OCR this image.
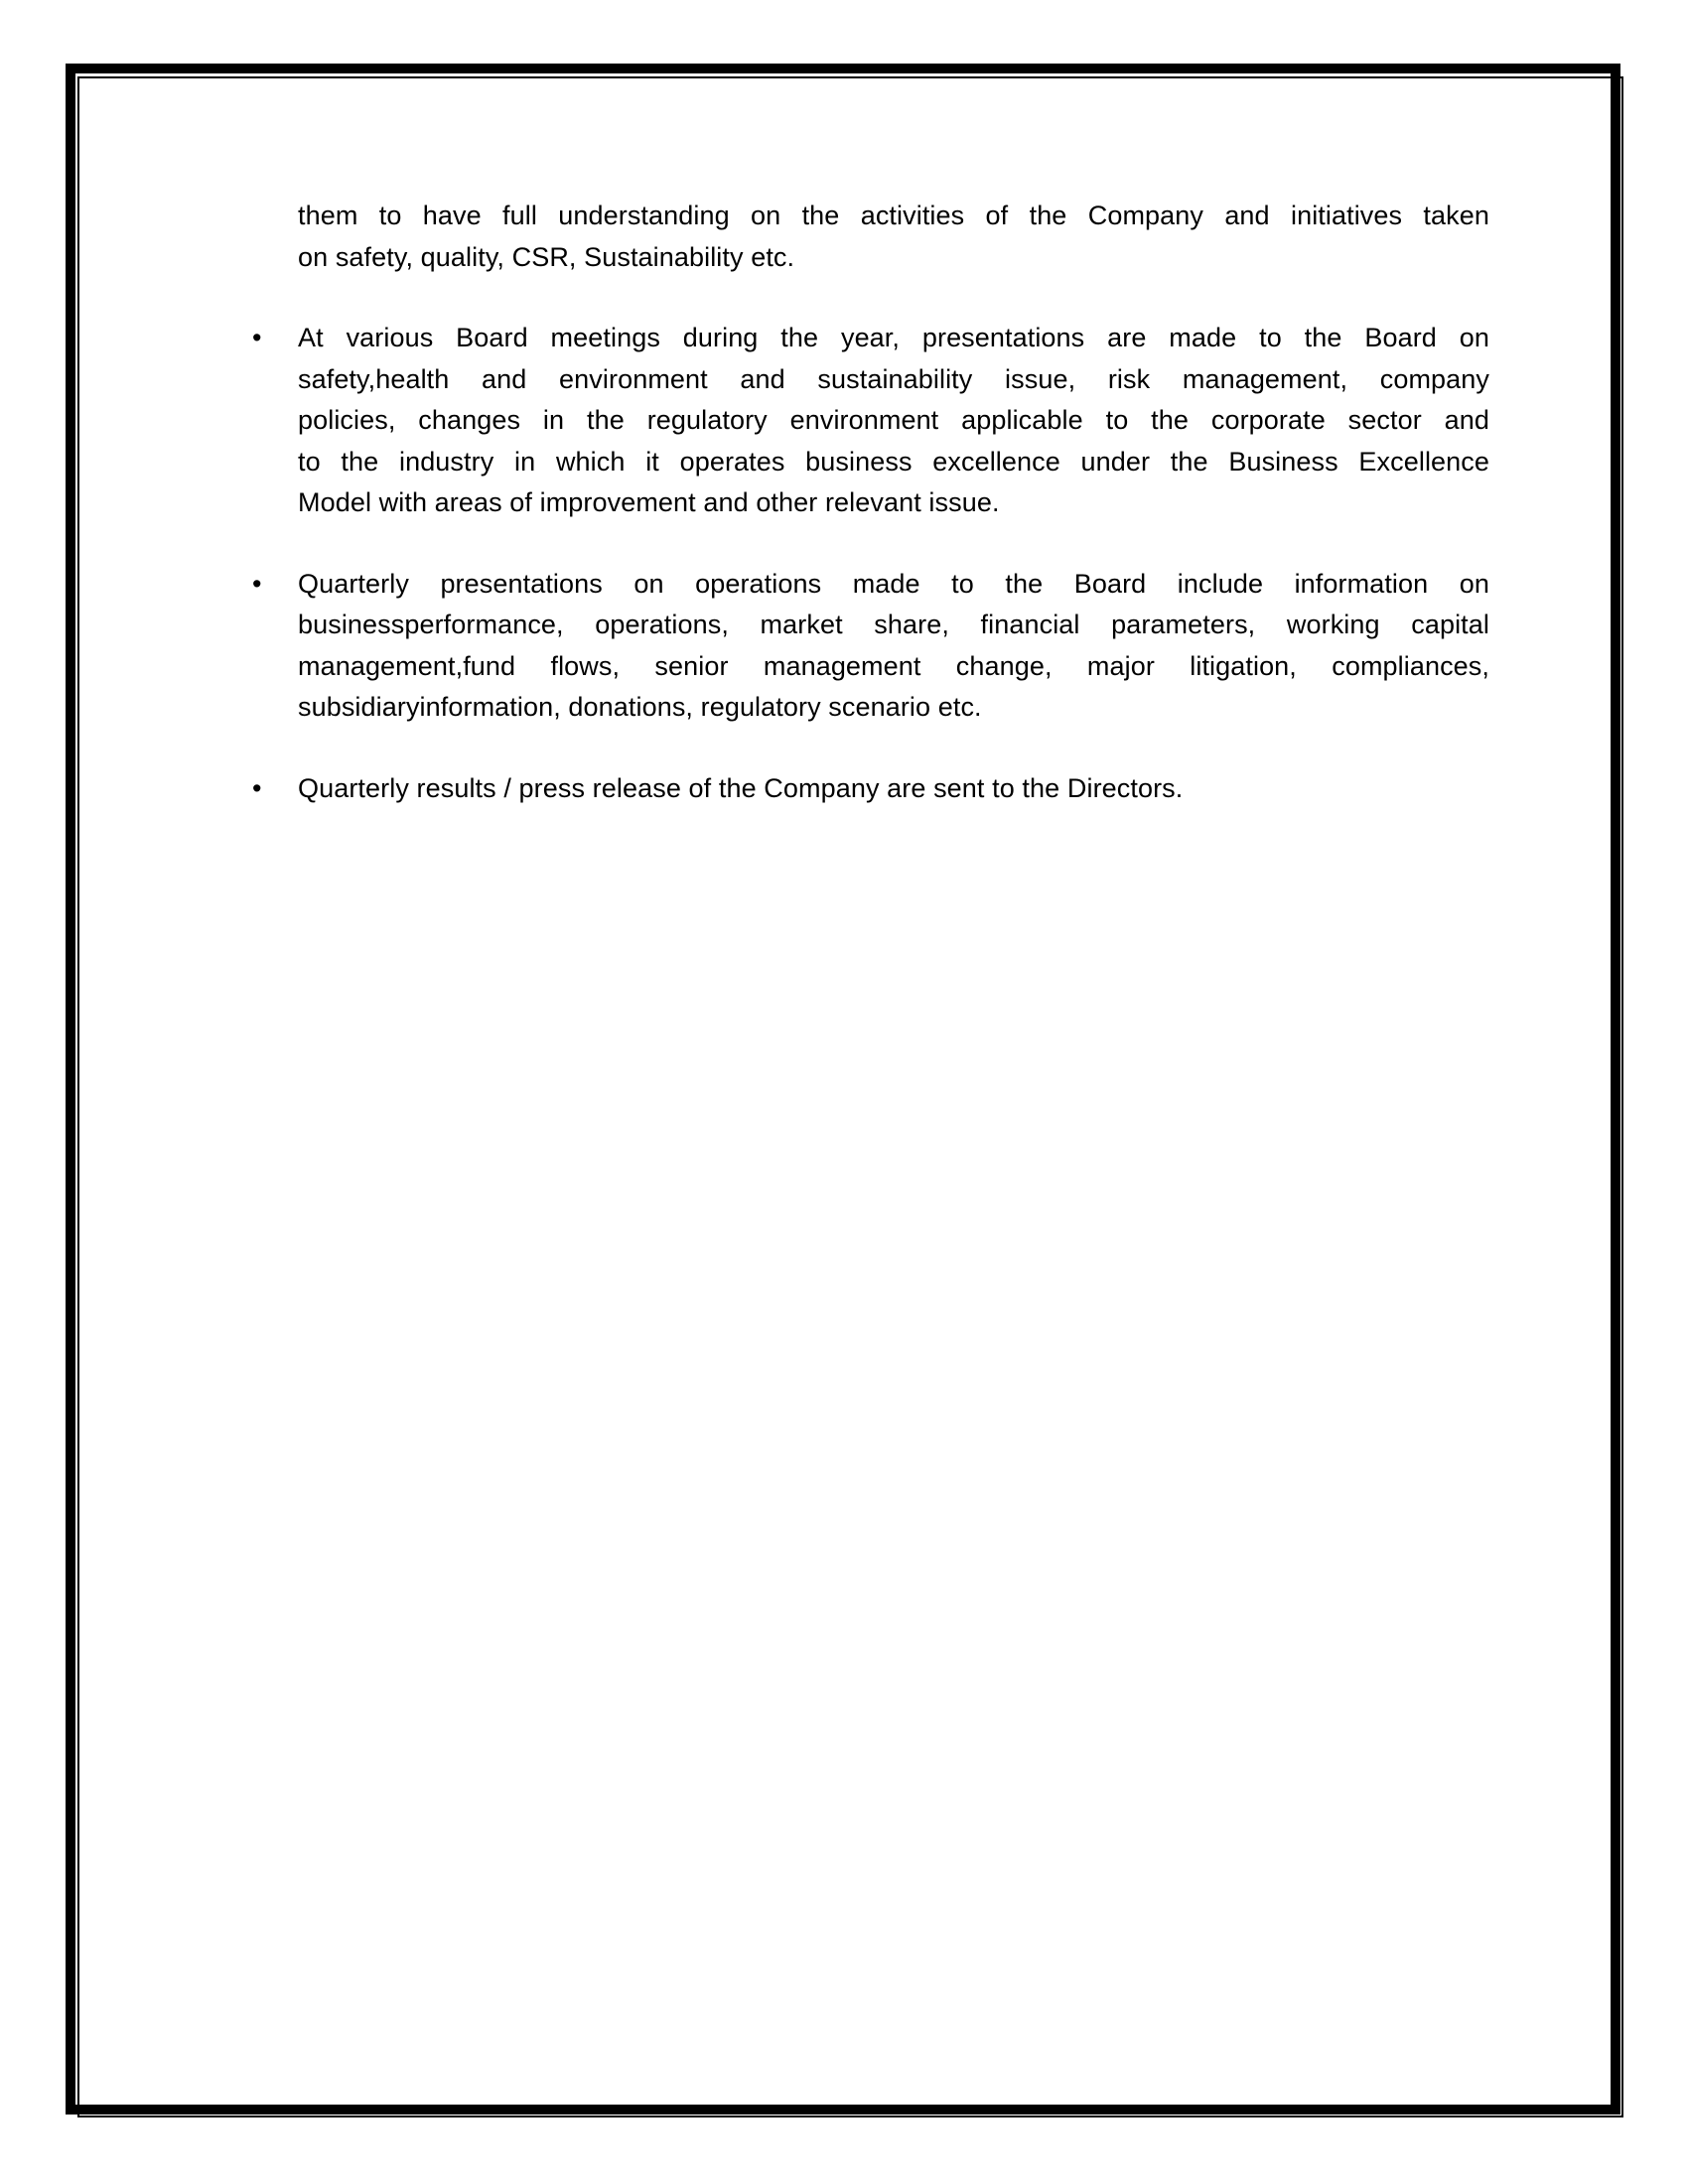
them to have full understanding on the activities of the Company and initiatives taken
on safety, quality, CSR, Sustainability etc.
• At various Board meetings during the year, presentations are made to the Board on
safety,health and environment and sustainability issue, risk management, company
policies, changes in the regulatory environment applicable to the corporate sector and
to the industry in which it operates business excellence under the Business Excellence
Model with areas of improvement and other relevant issue.
• Quarterly presentations on operations made to the Board include information on
businessperformance, operations, market share, financial parameters, working capital
management,fund flows, senior management change, major litigation, compliances,
subsidiaryinformation, donations, regulatory scenario etc.
• Quarterly results / press release of the Company are sent to the Directors.
